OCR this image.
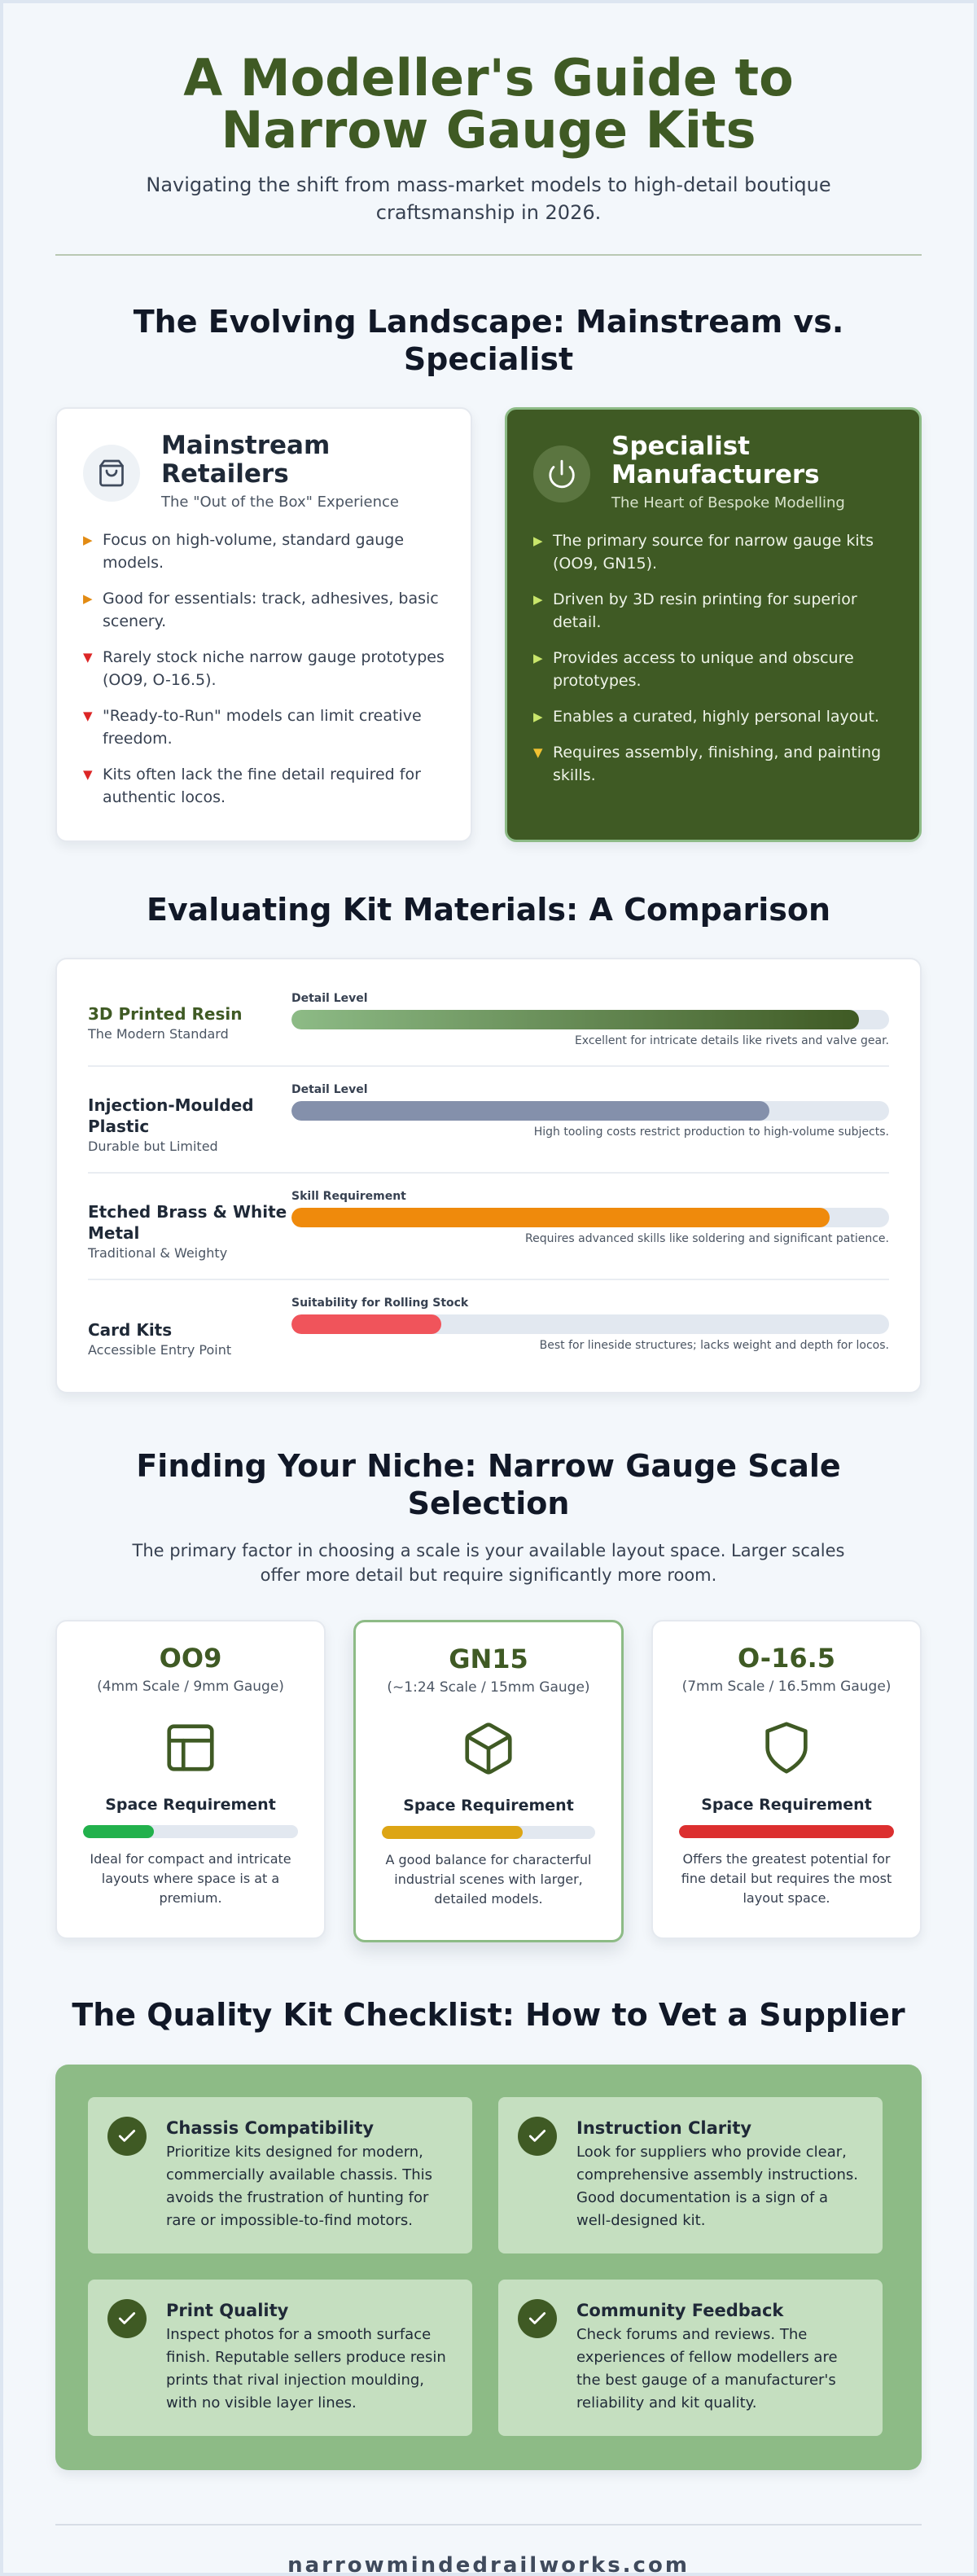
A Modeller's Guide to Narrow Gauge Kits

Navigating the shift from mass-market models to high-detail boutique craftsmanship in 2026.

The Evolving Landscape: Mainstream vs. Specialist
Mainstream Retailers
The "Out of the Box" Experience
▶ Focus on high-volume, standard gauge models.
▶ Good for essentials: track, adhesives, basic scenery.
▼ Rarely stock niche narrow gauge prototypes (OO9, O-16.5).
▼ "Ready-to-Run" models can limit creative freedom.
▼ Kits often lack the fine detail required for authentic locos.
Specialist Manufacturers
The Heart of Bespoke Modelling
▶ The primary source for narrow gauge kits (OO9, GN15).
▶ Driven by 3D resin printing for superior detail.
▶ Provides access to unique and obscure prototypes.
▶ Enables a curated, highly personal layout.
▼ Requires assembly, finishing, and painting skills.
Evaluating Kit Materials: A Comparison
3D Printed Resin
The Modern Standard
Detail Level
Excellent for intricate details like rivets and valve gear.
Injection-Moulded Plastic
Durable but Limited
Detail Level
High tooling costs restrict production to high-volume subjects.
Etched Brass & White Metal
Traditional & Weighty
Skill Requirement
Requires advanced skills like soldering and significant patience.
Card Kits
Accessible Entry Point
Suitability for Rolling Stock
Best for lineside structures; lacks weight and depth for locos.
Finding Your Niche: Narrow Gauge Scale Selection

The primary factor in choosing a scale is your available layout space. Larger scales offer more detail but require significantly more room.

OO9
(4mm Scale / 9mm Gauge)
Space Requirement
Ideal for compact and intricate layouts where space is at a premium.
GN15
(~1:24 Scale / 15mm Gauge)
Space Requirement
A good balance for characterful industrial scenes with larger, detailed models.
O-16.5
(7mm Scale / 16.5mm Gauge)
Space Requirement
Offers the greatest potential for fine detail but requires the most layout space.
The Quality Kit Checklist: How to Vet a Supplier
Chassis Compatibility
Prioritize kits designed for modern, commercially available chassis. This avoids the frustration of hunting for rare or impossible-to-find motors.
Instruction Clarity
Look for suppliers who provide clear, comprehensive assembly instructions. Good documentation is a sign of a well-designed kit.
Print Quality
Inspect photos for a smooth surface finish. Reputable sellers produce resin prints that rival injection moulding, with no visible layer lines.
Community Feedback
Check forums and reviews. The experiences of fellow modellers are the best gauge of a manufacturer's reliability and kit quality.
narrowmindedrailworks.com
